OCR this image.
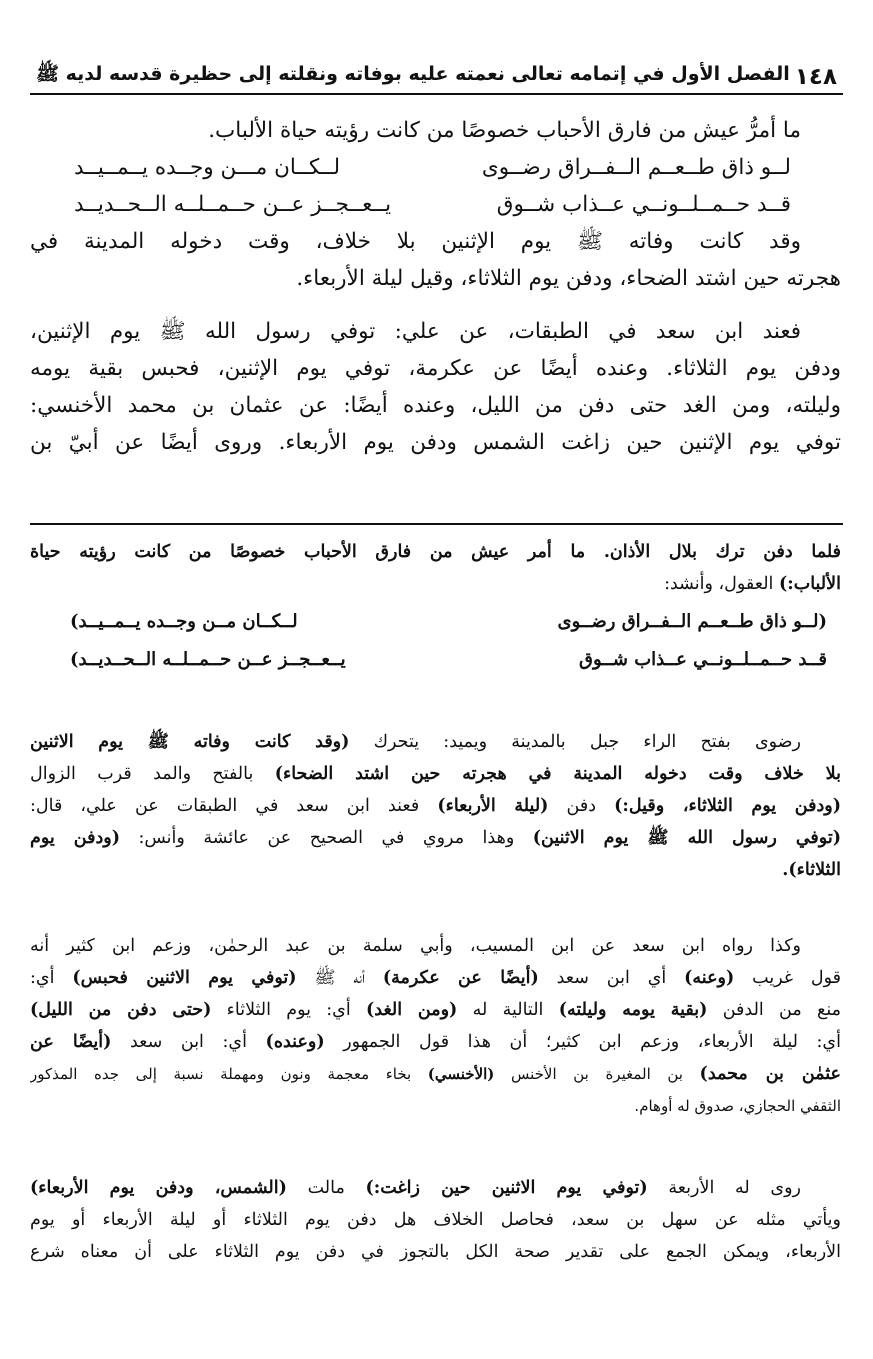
١٤٨
الفصل الأول في إتمامه تعالى نعمته عليه بوفاته ونقلته إلى حظيرة قدسه لديه ﷺ

ما أمرُّ عيش من فارق الأحباب خصوصًا من كانت رؤيته حياة الألباب.

لــو ذاق طــعــم الــفــراق رضــوى
لــكــان مـــن وجــده يــمــيــد
قــد حــمــلــونــي عــذاب شــوق
يــعــجــز عــن حــمــلــه الــحــديــد

وقد كانت وفاته ﷺ يوم الإثنين بلا خلاف، وقت دخوله المدينة في

هجرته حين اشتد الضحاء، ودفن يوم الثلاثاء، وقيل ليلة الأربعاء.

فعند ابن سعد في الطبقات، عن علي: توفي رسول الله ﷺ يوم الإثنين،

ودفن يوم الثلاثاء. وعنده أيضًا عن عكرمة، توفي يوم الإثنين، فحبس بقية يومه

وليلته، ومن الغد حتى دفن من الليل، وعنده أيضًا: عن عثمان بن محمد الأخنسي:

توفي يوم الإثنين حين زاغت الشمس ودفن يوم الأربعاء. وروى أيضًا عن أبيّ بن

فلما دفن ترك بلال الأذان. ما أمر عيش من فارق الأحباب خصوصًا من كانت رؤيته حياة

الألباب:) العقول، وأنشد:

(لــو ذاق طــعــم الــفــراق رضــوى
لــكــان مــن وجــده يــمــيــد)
قــد حــمــلــونــي عــذاب شــوق
يــعــجــز عــن حــمــلــه الــحــديــد)

رضوى بفتح الراء جبل بالمدينة ويميد: يتحرك (وقد كانت وفاته ﷺ يوم الاثنين

بلا خلاف وقت دخوله المدينة في هجرته حين اشتد الضحاء) بالفتح والمد قرب الزوال

(ودفن يوم الثلاثاء، وقيل:) دفن (ليلة الأربعاء) فعند ابن سعد في الطبقات عن علي، قال:

(توفي رسول الله ﷺ يوم الاثنين) وهذا مروي في الصحيح عن عائشة وأنس: (ودفن يوم

الثلاثاء).

وكذا رواه ابن سعد عن ابن المسيب، وأبي سلمة بن عبد الرحمٰن، وزعم ابن كثير أنه

قول غريب (وعنه) أي ابن سعد (أيضًا عن عكرمة) أنه ﷺ (توفي يوم الاثنين فحبس) أي:

منع من الدفن (بقية يومه وليلته) التالية له (ومن الغد) أي: يوم الثلاثاء (حتى دفن من الليل)

أي: ليلة الأربعاء، وزعم ابن كثير؛ أن هذا قول الجمهور (وعنده) أي: ابن سعد (أيضًا عن

عثمٰن بن محمد) بن المغيرة بن الأخنس (الأخنسي) بخاء معجمة ونون ومهملة نسبة إلى جده المذكور

الثقفي الحجازي، صدوق له أوهام.

روى له الأربعة (توفي يوم الاثنين حين زاغت:) مالت (الشمس، ودفن يوم الأربعاء)

ويأتي مثله عن سهل بن سعد، فحاصل الخلاف هل دفن يوم الثلاثاء أو ليلة الأربعاء أو يوم

الأربعاء، ويمكن الجمع على تقدير صحة الكل بالتجوز في دفن يوم الثلاثاء على أن معناه شرع
